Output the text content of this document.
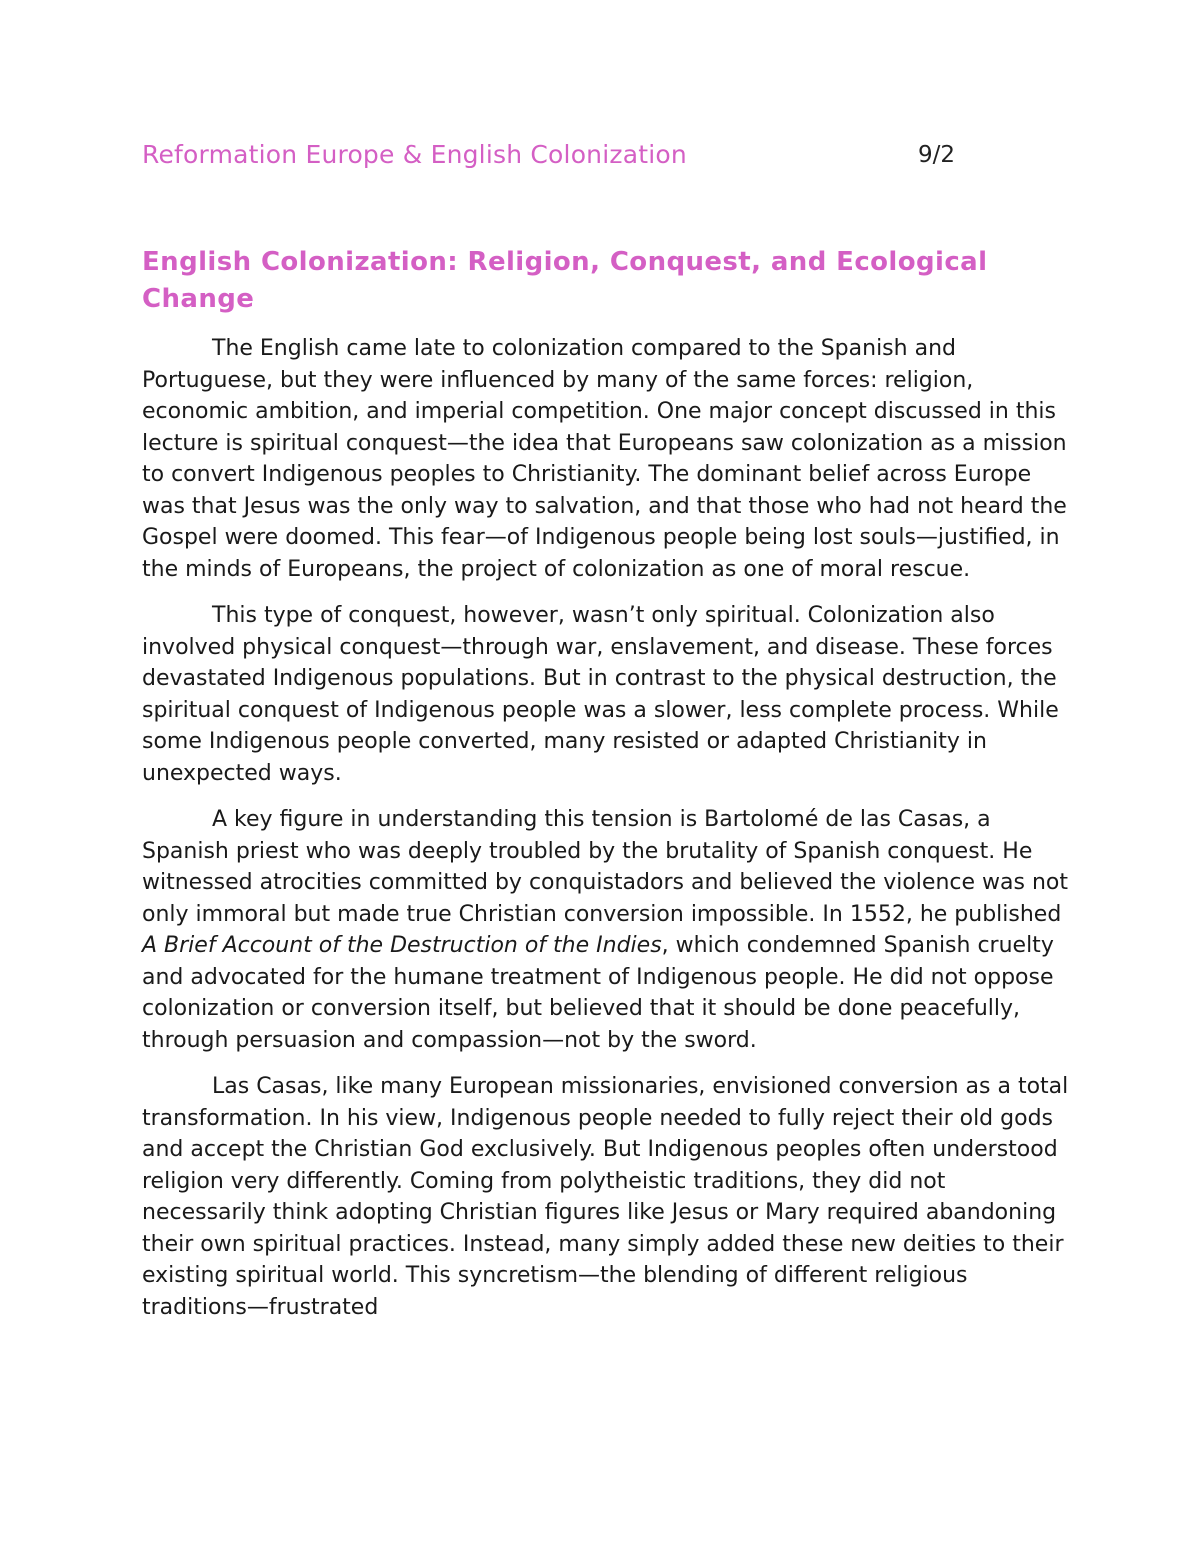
Reformation Europe & English Colonization	9/2
English Colonization: Religion, Conquest, and Ecological Change

The English came late to colonization compared to the Spanish and Portuguese, but they were influenced by many of the same forces: religion, economic ambition, and imperial competition. One major concept discussed in this lecture is spiritual conquest—the idea that Europeans saw colonization as a mission to convert Indigenous peoples to Christianity. The dominant belief across Europe was that Jesus was the only way to salvation, and that those who had not heard the Gospel were doomed. This fear—of Indigenous people being lost souls—justified, in the minds of Europeans, the project of colonization as one of moral rescue.

This type of conquest, however, wasn’t only spiritual. Colonization also involved physical conquest—through war, enslavement, and disease. These forces devastated Indigenous populations. But in contrast to the physical destruction, the spiritual conquest of Indigenous people was a slower, less complete process. While some Indigenous people converted, many resisted or adapted Christianity in unexpected ways.

A key figure in understanding this tension is Bartolomé de las Casas, a Spanish priest who was deeply troubled by the brutality of Spanish conquest. He witnessed atrocities committed by conquistadors and believed the violence was not only immoral but made true Christian conversion impossible. In 1552, he published A Brief Account of the Destruction of the Indies, which condemned Spanish cruelty and advocated for the humane treatment of Indigenous people. He did not oppose colonization or conversion itself, but believed that it should be done peacefully, through persuasion and compassion—not by the sword.

Las Casas, like many European missionaries, envisioned conversion as a total transformation. In his view, Indigenous people needed to fully reject their old gods and accept the Christian God exclusively. But Indigenous peoples often understood religion very differently. Coming from polytheistic traditions, they did not necessarily think adopting Christian figures like Jesus or Mary required abandoning their own spiritual practices. Instead, many simply added these new deities to their existing spiritual world. This syncretism—the blending of different religious traditions—frustrated
